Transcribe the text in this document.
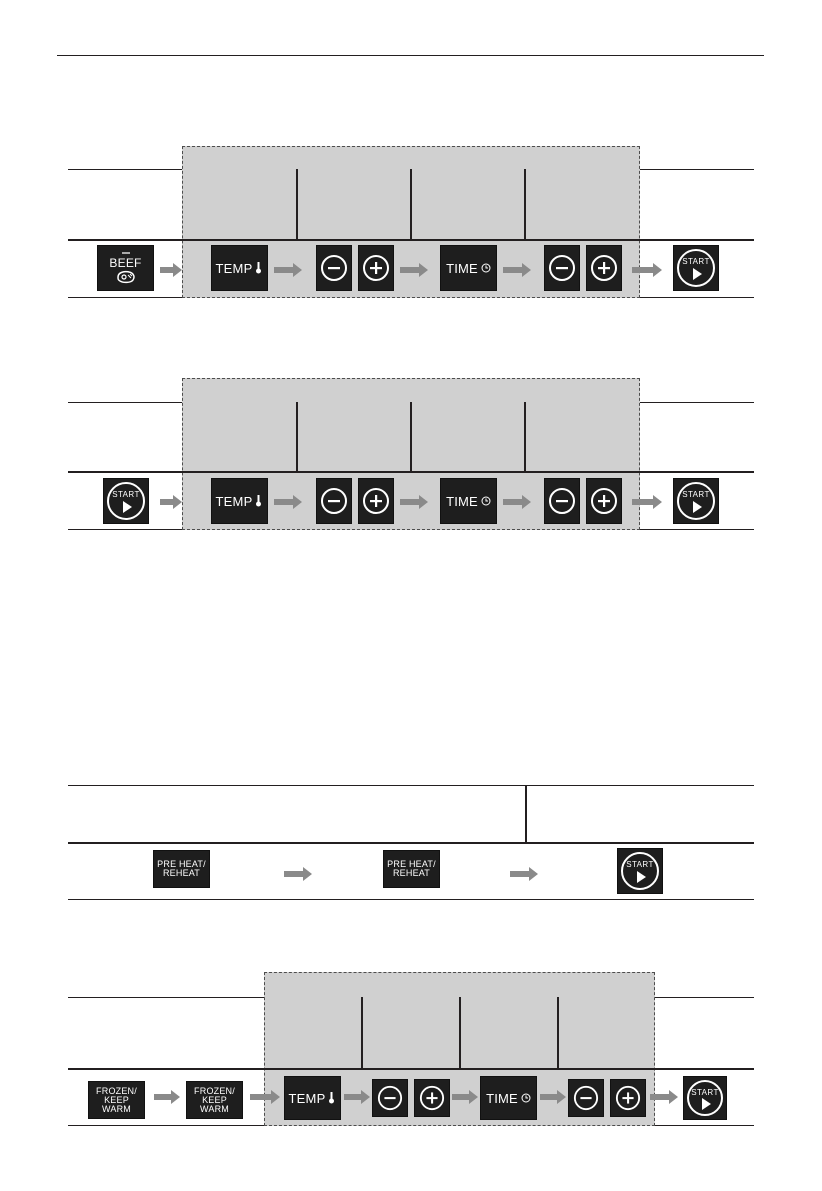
BEEF	TEMP	TIME	START
START	TEMP	TIME	START
PRE HEAT/
REHEAT
PRE HEAT/
REHEAT
START
FROZEN/
KEEP WARM
FROZEN/
KEEP WARM
TEMP	TIME	START
